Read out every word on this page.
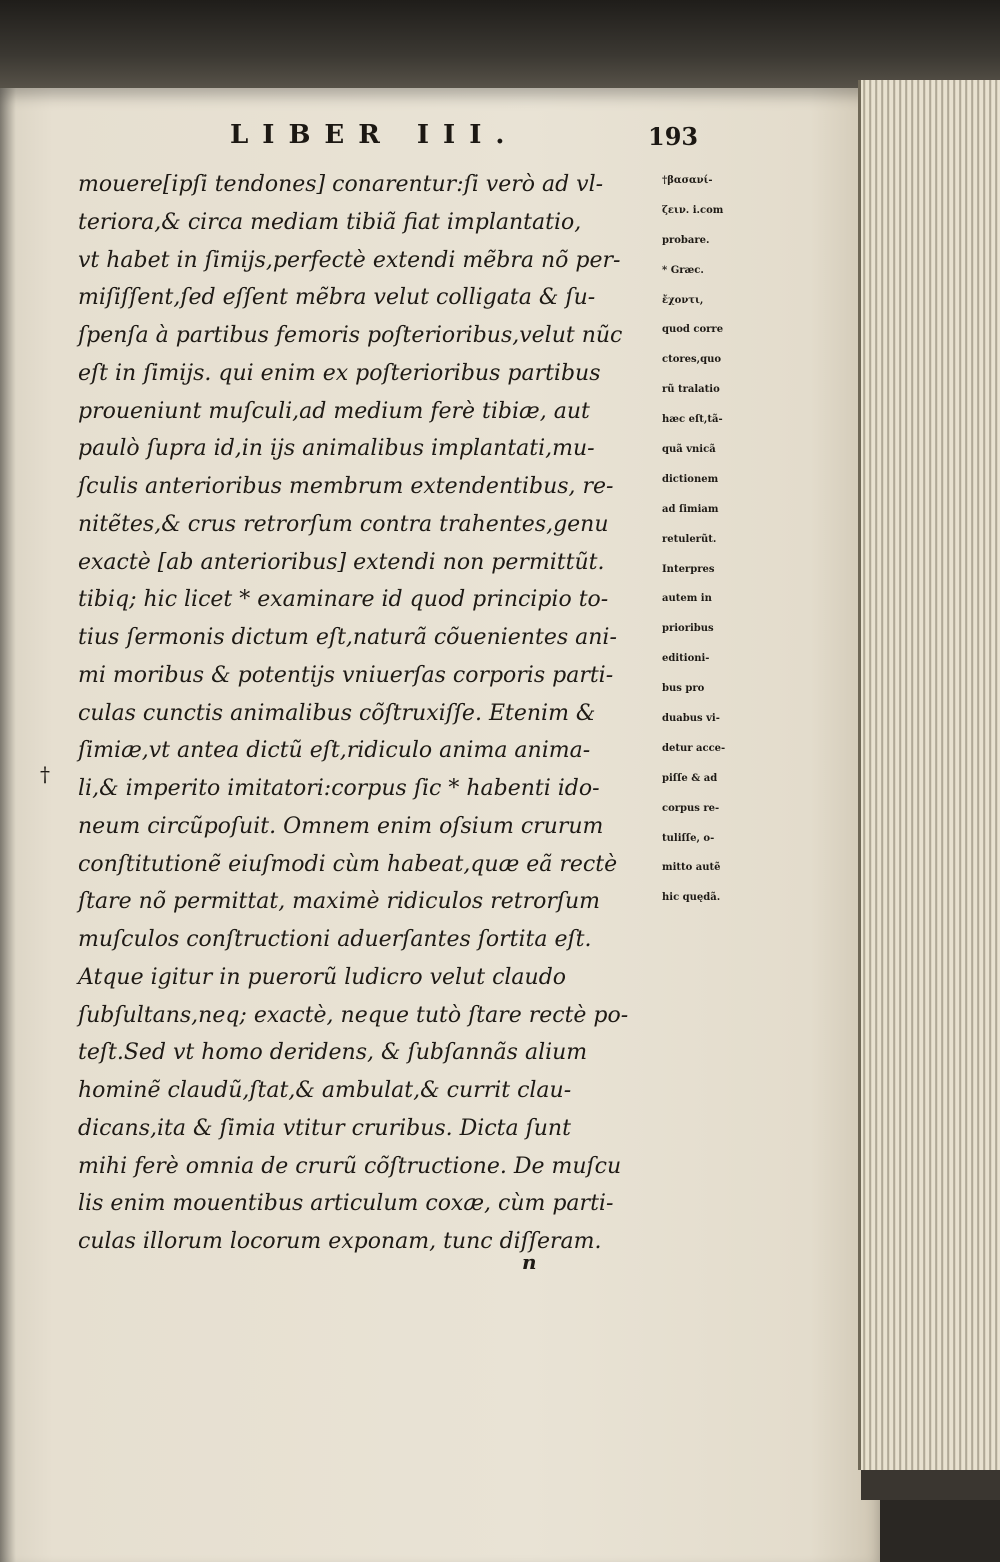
LIBER III.	193
mouere[ipſi tendones] conarentur:ſi verò ad vl-
teriora,& circa mediam tibiã fiat implantatio,
vt habet in ſimijs,perfectè extendi mẽbra nõ per-
miſiſſent,ſed eſſent mẽbra velut colligata & ſu-
ſpenſa à partibus femoris poſterioribus,velut nũc
eſt in ſimijs. qui enim ex poſterioribus partibus
proueniunt muſculi,ad medium ferè tibiæ, aut
paulò ſupra id,in ijs animalibus implantati,mu-
ſculis anterioribus membrum extendentibus, re-
nitẽtes,& crus retrorſum contra trahentes,genu
exactè [ab anterioribus] extendi non permittũt.
tibiq; hic licet * examinare id quod principio to-
tius ſermonis dictum eſt,naturã cõuenientes ani-
mi moribus & potentijs vniuerſas corporis parti-
culas cunctis animalibus cõſtruxiſſe. Etenim &
ſimiæ,vt antea dictũ eſt,ridiculo anima anima-
li,& imperito imitatori:corpus ſic * habenti ido-
neum circũpoſuit. Omnem enim oſsium crurum
conſtitutionẽ eiuſmodi cùm habeat,quæ eã rectè
ſtare nõ permittat, maximè ridiculos retrorſum
muſculos conſtructioni aduerſantes ſortita eſt.
Atque igitur in puerorũ ludicro velut claudo
ſubſultans,neq; exactè, neque tutò ſtare rectè po-
teſt.Sed vt homo deridens, & ſubſannãs alium
hominẽ claudũ,ſtat,& ambulat,& currit clau-
dicans,ita & ſimia vtitur cruribus. Dicta ſunt
mihi ferè omnia de crurũ cõſtructione. De muſcu
lis enim mouentibus articulum coxæ, cùm parti-
culas illorum locorum exponam, tunc diſſeram.
†βασανί-
ζειν. i.com
probare.
* Græc.
ἔχοντι,
quod corre
ctores,quo
rũ tralatio
hæc eſt,tã-
quã vnicã
dictionem
ad ſimiam
retulerũt.
Interpres
autem in
prioribus
editioni-
bus pro
duabus vi-
detur acce-
piſſe & ad
corpus re-
tuliſſe, o-
mitto autẽ
hic quędã.
†
n
